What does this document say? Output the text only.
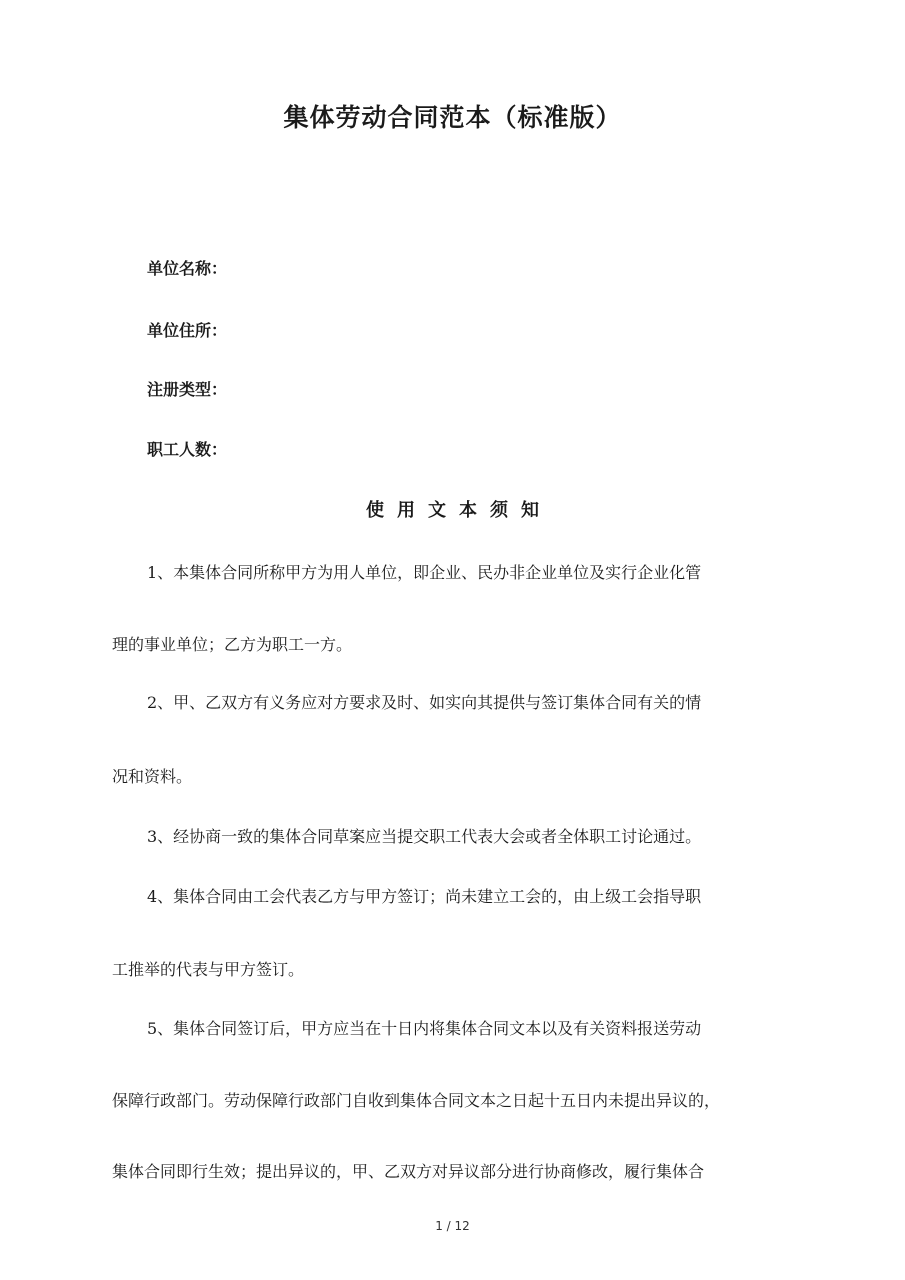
集体劳动合同范本（标准版）
单位名称：
单位住所：
注册类型：
职工人数：
使用文本须知
1、本集体合同所称甲方为用人单位，即企业、民办非企业单位及实行企业化管
理的事业单位；乙方为职工一方。
2、甲、乙双方有义务应对方要求及时、如实向其提供与签订集体合同有关的情
况和资料。
3、经协商一致的集体合同草案应当提交职工代表大会或者全体职工讨论通过。
4、集体合同由工会代表乙方与甲方签订；尚未建立工会的，由上级工会指导职
工推举的代表与甲方签订。
5、集体合同签订后，甲方应当在十日内将集体合同文本以及有关资料报送劳动
保障行政部门。劳动保障行政部门自收到集体合同文本之日起十五日内未提出异议的，
集体合同即行生效；提出异议的，甲、乙双方对异议部分进行协商修改，履行集体合
1 / 12
